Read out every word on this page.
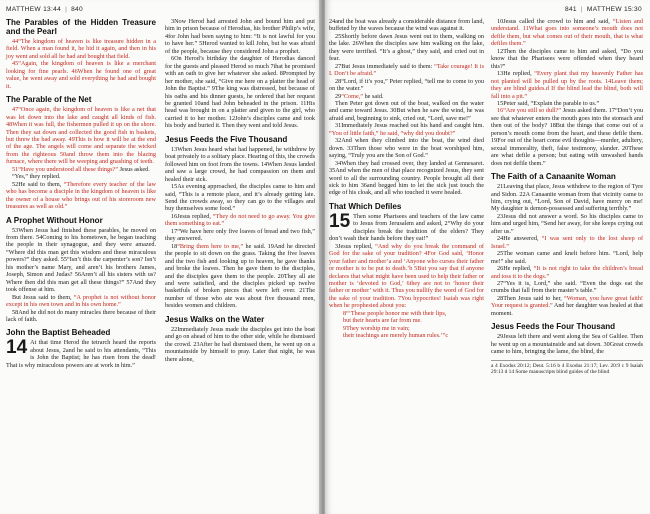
MATTHEW 13:44 | 840
The Parables of the Hidden Treasure and the Pearl

44“The kingdom of heaven is like treasure hidden in a field. When a man found it, he hid it again, and then in his joy went and sold all he had and bought that field.

45“Again, the kingdom of heaven is like a merchant looking for fine pearls. 46When he found one of great value, he went away and sold everything he had and bought it.

The Parable of the Net

47“Once again, the kingdom of heaven is like a net that was let down into the lake and caught all kinds of fish. 48When it was full, the fishermen pulled it up on the shore. Then they sat down and collected the good fish in baskets, but threw the bad away. 49This is how it will be at the end of the age. The angels will come and separate the wicked from the righteous 50and throw them into the blazing furnace, where there will be weeping and gnashing of teeth.

51“Have you understood all these things?” Jesus asked.

“Yes,” they replied.

52He said to them, “Therefore every teacher of the law who has become a disciple in the kingdom of heaven is like the owner of a house who brings out of his storeroom new treasures as well as old.”

A Prophet Without Honor

53When Jesus had finished these parables, he moved on from there. 54Coming to his hometown, he began teaching the people in their synagogue, and they were amazed. “Where did this man get this wisdom and these miraculous powers?” they asked. 55“Isn’t this the carpenter’s son? Isn’t his mother’s name Mary, and aren’t his brothers James, Joseph, Simon and Judas? 56Aren’t all his sisters with us? Where then did this man get all these things?” 57And they took offense at him.

But Jesus said to them, “A prophet is not without honor except in his own town and in his own home.”

58And he did not do many miracles there because of their lack of faith.

John the Baptist Beheaded

14 At that time Herod the tetrarch heard the reports about Jesus, 2and he said to his attendants, “This is John the Baptist; he has risen from the dead! That is why miraculous powers are at work in him.”

3Now Herod had arrested John and bound him and put him in prison because of Herodias, his brother Philip’s wife, 4for John had been saying to him: “It is not lawful for you to have her.” 5Herod wanted to kill John, but he was afraid of the people, because they considered John a prophet.

6On Herod’s birthday the daughter of Herodias danced for the guests and pleased Herod so much 7that he promised with an oath to give her whatever she asked. 8Prompted by her mother, she said, “Give me here on a platter the head of John the Baptist.” 9The king was distressed, but because of his oaths and his dinner guests, he ordered that her request be granted 10and had John beheaded in the prison. 11His head was brought in on a platter and given to the girl, who carried it to her mother. 12John’s disciples came and took his body and buried it. Then they went and told Jesus.

Jesus Feeds the Five Thousand

13When Jesus heard what had happened, he withdrew by boat privately to a solitary place. Hearing of this, the crowds followed him on foot from the towns. 14When Jesus landed and saw a large crowd, he had compassion on them and healed their sick.

15As evening approached, the disciples came to him and said, “This is a remote place, and it’s already getting late. Send the crowds away, so they can go to the villages and buy themselves some food.”

16Jesus replied, “They do not need to go away. You give them something to eat.”

17“We have here only five loaves of bread and two fish,” they answered.

18“Bring them here to me,” he said. 19And he directed the people to sit down on the grass. Taking the five loaves and the two fish and looking up to heaven, he gave thanks and broke the loaves. Then he gave them to the disciples, and the disciples gave them to the people. 20They all ate and were satisfied, and the disciples picked up twelve basketfuls of broken pieces that were left over. 21The number of those who ate was about five thousand men, besides women and children.

Jesus Walks on the Water

22Immediately Jesus made the disciples get into the boat and go on ahead of him to the other side, while he dismissed the crowd. 23After he had dismissed them, he went up on a mountainside by himself to pray. Later that night, he was there alone,

841 | MATTHEW 15:30

24and the boat was already a considerable distance from land, buffeted by the waves because the wind was against it.

25Shortly before dawn Jesus went out to them, walking on the lake. 26When the disciples saw him walking on the lake, they were terrified. “It’s a ghost,” they said, and cried out in fear.

27But Jesus immediately said to them: “Take courage! It is I. Don’t be afraid.”

28“Lord, if it’s you,” Peter replied, “tell me to come to you on the water.”

29“Come,” he said.

Then Peter got down out of the boat, walked on the water and came toward Jesus. 30But when he saw the wind, he was afraid and, beginning to sink, cried out, “Lord, save me!”

31Immediately Jesus reached out his hand and caught him. “You of little faith,” he said, “why did you doubt?”

32And when they climbed into the boat, the wind died down. 33Then those who were in the boat worshiped him, saying, “Truly you are the Son of God.”

34When they had crossed over, they landed at Gennesaret. 35And when the men of that place recognized Jesus, they sent word to all the surrounding country. People brought all their sick to him 36and begged him to let the sick just touch the edge of his cloak, and all who touched it were healed.

That Which Defiles

15 Then some Pharisees and teachers of the law came to Jesus from Jerusalem and asked, 2“Why do your disciples break the tradition of the elders? They don’t wash their hands before they eat!”

3Jesus replied, “And why do you break the command of God for the sake of your tradition? 4For God said, ‘Honor your father and mother’a and ‘Anyone who curses their father or mother is to be put to death.’b 5But you say that if anyone declares that what might have been used to help their father or mother is ‘devoted to God,’ 6they are not to ‘honor their father or mother’ with it. Thus you nullify the word of God for the sake of your tradition. 7You hypocrites! Isaiah was right when he prophesied about you:

8“‘These people honor me with their lips,

but their hearts are far from me.

9They worship me in vain;

their teachings are merely human rules.’”c

10Jesus called the crowd to him and said, “Listen and understand. 11What goes into someone’s mouth does not defile them, but what comes out of their mouth, that is what defiles them.”

12Then the disciples came to him and asked, “Do you know that the Pharisees were offended when they heard this?”

13He replied, “Every plant that my heavenly Father has not planted will be pulled up by the roots. 14Leave them; they are blind guides.d If the blind lead the blind, both will fall into a pit.”

15Peter said, “Explain the parable to us.”

16“Are you still so dull?” Jesus asked them. 17“Don’t you see that whatever enters the mouth goes into the stomach and then out of the body? 18But the things that come out of a person’s mouth come from the heart, and these defile them. 19For out of the heart come evil thoughts—murder, adultery, sexual immorality, theft, false testimony, slander. 20These are what defile a person; but eating with unwashed hands does not defile them.”

The Faith of a Canaanite Woman

21Leaving that place, Jesus withdrew to the region of Tyre and Sidon. 22A Canaanite woman from that vicinity came to him, crying out, “Lord, Son of David, have mercy on me! My daughter is demon-possessed and suffering terribly.”

23Jesus did not answer a word. So his disciples came to him and urged him, “Send her away, for she keeps crying out after us.”

24He answered, “I was sent only to the lost sheep of Israel.”

25The woman came and knelt before him. “Lord, help me!” she said.

26He replied, “It is not right to take the children’s bread and toss it to the dogs.”

27“Yes it is, Lord,” she said. “Even the dogs eat the crumbs that fall from their master’s table.”

28Then Jesus said to her, “Woman, you have great faith! Your request is granted.” And her daughter was healed at that moment.

Jesus Feeds the Four Thousand

29Jesus left there and went along the Sea of Galilee. Then he went up on a mountainside and sat down. 30Great crowds came to him, bringing the lame, the blind, the

a 4 Exodus 20:12; Deut. 5:16 b 4 Exodus 21:17; Lev. 20:9 c 9 Isaiah 29:13 d 14 Some manuscripts blind guides of the blind
